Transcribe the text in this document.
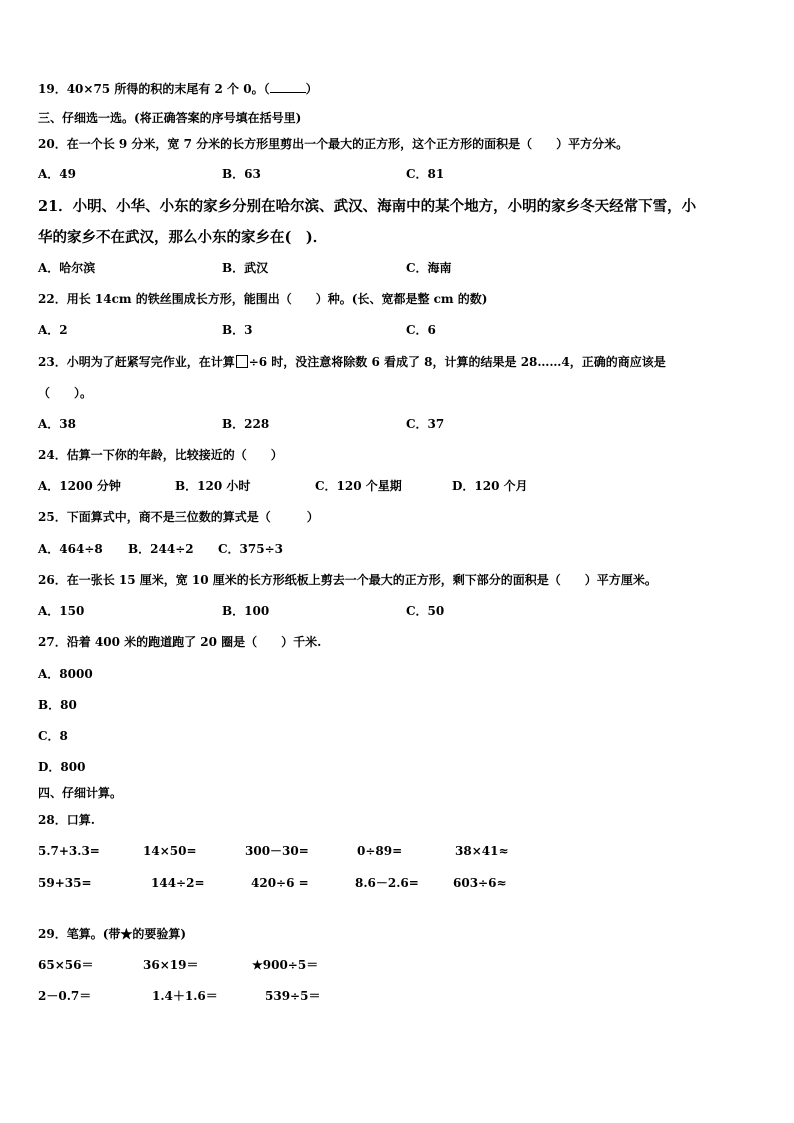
19．40×75 所得的积的末尾有 2 个 0。（	）
三、仔细选一选。(将正确答案的序号填在括号里)
20．在一个长 9 分米，宽 7 分米的长方形里剪出一个最大的正方形，这个正方形的面积是（　　）平方分米。
A．49	B．63	C．81
21．小明、小华、小东的家乡分别在哈尔滨、武汉、海南中的某个地方，小明的家乡冬天经常下雪，小
华的家乡不在武汉，那么小东的家乡在(　)．
A．哈尔滨	B．武汉	C．海南
22．用长 14cm 的铁丝围成长方形，能围出（　　）种。(长、宽都是整 cm 的数)
A．2	B．3	C．6
23．小明为了赶紧写完作业，在计算 ÷6 时，没注意将除数 6 看成了 8，计算的结果是 28……4，正确的商应该是
（　　）。
A．38	B．228	C．37
24．估算一下你的年龄，比较接近的（　　）
A．1200 分钟	B．120 小时	C．120 个星期	D．120 个月
25．下面算式中，商不是三位数的算式是（　　　）
A．464÷8 B．244÷2 C．375÷3
26．在一张长 15 厘米，宽 10 厘米的长方形纸板上剪去一个最大的正方形，剩下部分的面积是（　　）平方厘米。
A．150	B．100	C．50
27．沿着 400 米的跑道跑了 20 圈是（　　）千米.
A．8000
B．80
C．8
D．800
四、仔细计算。
28．口算.
5.7+3.3=	14×50=	300－30=	0÷89=	38×41≈
59+35=	144÷2=	420÷6 =	8.6－2.6=	603÷6≈
29．笔算。(带★的要验算)
65×56＝	36×19＝	★900÷5＝
2－0.7＝	1.4＋1.6＝	539÷5＝
